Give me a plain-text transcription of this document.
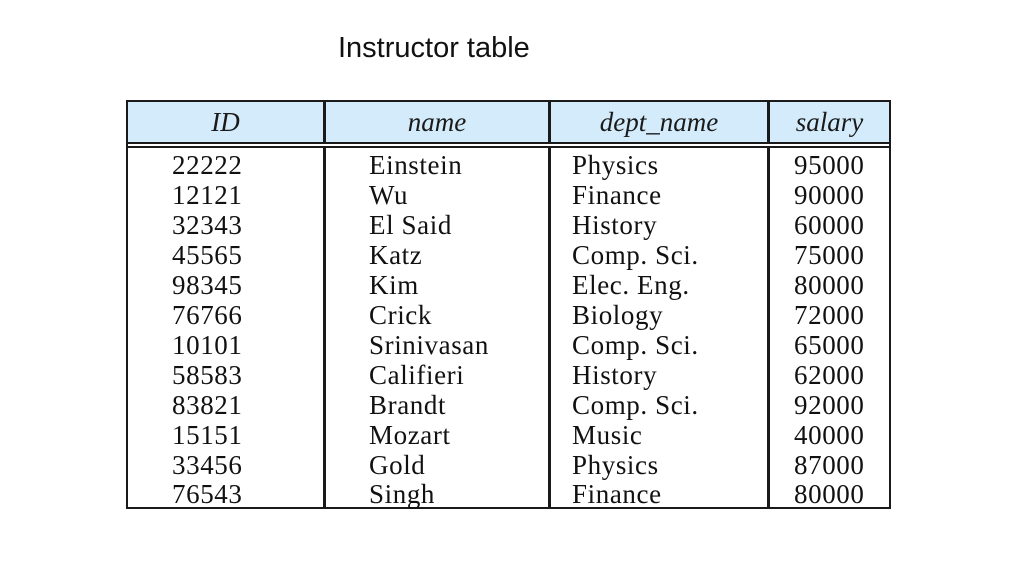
Instructor table
ID	name	dept_name	salary
22222	Einstein	Physics	95000
12121	Wu	Finance	90000
32343	El Said	History	60000
45565	Katz	Comp. Sci.	75000
98345	Kim	Elec. Eng.	80000
76766	Crick	Biology	72000
10101	Srinivasan	Comp. Sci.	65000
58583	Califieri	History	62000
83821	Brandt	Comp. Sci.	92000
15151	Mozart	Music	40000
33456	Gold	Physics	87000
76543	Singh	Finance	80000
